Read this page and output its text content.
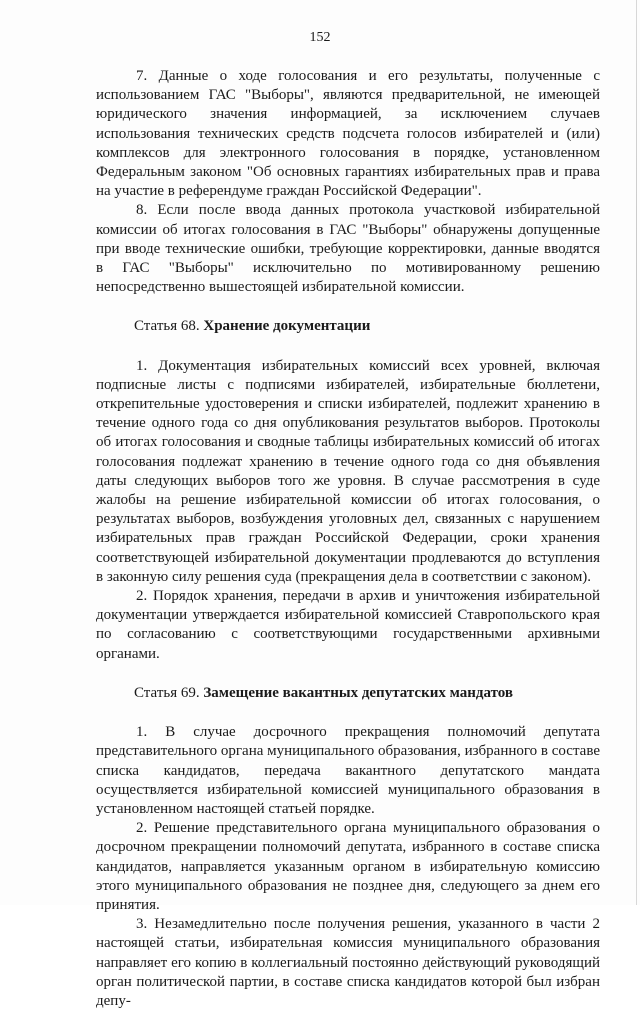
152

7. Данные о ходе голосования и его результаты, полученные с использованием ГАС "Выборы", являются предварительной, не имеющей юридического значения информацией, за исключением случаев использования технических средств подсчета голосов избирателей и (или) комплексов для электронного голосования в порядке, установленном Федеральным законом "Об основных гарантиях избирательных прав и права на участие в референдуме граждан Российской Федерации".

8. Если после ввода данных протокола участковой избирательной комиссии об итогах голосования в ГАС "Выборы" обнаружены допущенные при вводе технические ошибки, требующие корректировки, данные вводятся в ГАС "Выборы" исключительно по мотивированному решению непосредственно вышестоящей избирательной комиссии.

Статья 68. Хранение документации

1. Документация избирательных комиссий всех уровней, включая подписные листы с подписями избирателей, избирательные бюллетени, открепительные удостоверения и списки избирателей, подлежит хранению в течение одного года со дня опубликования результатов выборов. Протоколы об итогах голосования и сводные таблицы избирательных комиссий об итогах голосования подлежат хранению в течение одного года со дня объявления даты следующих выборов того же уровня. В случае рассмотрения в суде жалобы на решение избирательной комиссии об итогах голосования, о результатах выборов, возбуждения уголовных дел, связанных с нарушением избирательных прав граждан Российской Федерации, сроки хранения соответствующей избирательной документации продлеваются до вступления в законную силу решения суда (прекращения дела в соответствии с законом).

2. Порядок хранения, передачи в архив и уничтожения избирательной документации утверждается избирательной комиссией Ставропольского края по согласованию с соответствующими государственными архивными органами.

Статья 69. Замещение вакантных депутатских мандатов

1. В случае досрочного прекращения полномочий депутата представительного органа муниципального образования, избранного в составе списка кандидатов, передача вакантного депутатского мандата осуществляется избирательной комиссией муниципального образования в установленном настоящей статьей порядке.

2. Решение представительного органа муниципального образования о досрочном прекращении полномочий депутата, избранного в составе списка кандидатов, направляется указанным органом в избирательную комиссию этого муниципального образования не позднее дня, следующего за днем его принятия.

3. Незамедлительно после получения решения, указанного в части 2 настоящей статьи, избирательная комиссия муниципального образования направляет его копию в коллегиальный постоянно действующий руководящий орган политической партии, в составе списка кандидатов которой был избран депу-
